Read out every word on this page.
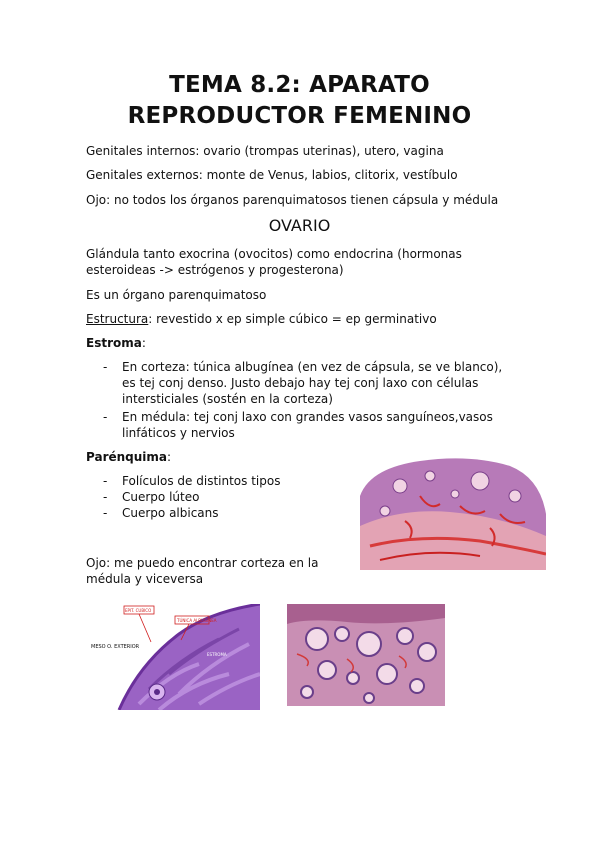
TEMA 8.2: APARATO
REPRODUCTOR FEMENINO
Genitales internos: ovario (trompas uterinas), utero, vagina
Genitales externos: monte de Venus, labios, clitorix, vestíbulo
Ojo: no todos los órganos parenquimatosos tienen cápsula y médula
OVARIO
Glándula tanto exocrina (ovocitos) como endocrina (hormonas
esteroideas -> estrógenos y progesterona)
Es un órgano parenquimatoso
Estructura: revestido x ep simple cúbico = ep germinativo
Estroma:
- En corteza: túnica albugínea (en vez de cápsula, se ve blanco),
es tej conj denso. Justo debajo hay tej conj laxo con células
intersticiales (sostén en la corteza)
- En médula: tej conj laxo con grandes vasos sanguíneos,vasos
linfáticos y nervios
Parénquima:
- Folículos de distintos tipos
- Cuerpo lúteo
- Cuerpo albicans
Ojo: me puedo encontrar corteza en la
médula y viceversa
MESO O. EXTERIOR
TÚNICA ALBUGÍNEA
EPIT. CUBICO
ESTROMA
